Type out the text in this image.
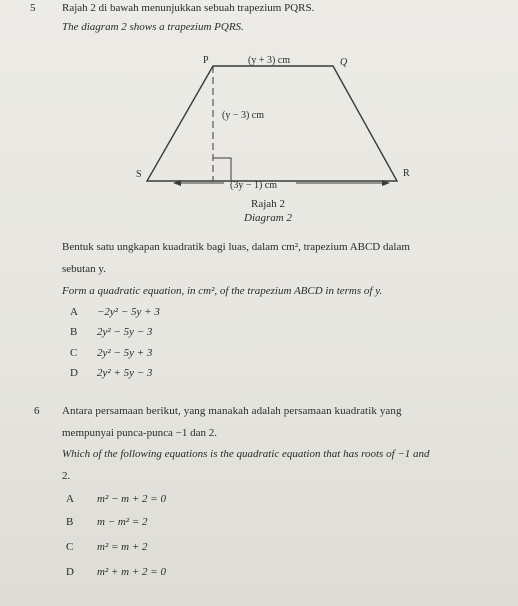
5 Rajah 2 di bawah menunjukkan sebuah trapezium PQRS.
The diagram 2 shows a trapezium PQRS.
P	Q
R
S
(y + 3) cm
(y − 3) cm
(3y − 1) cm
Rajah 2
Diagram 2
Bentuk satu ungkapan kuadratik bagi luas, dalam cm², trapezium ABCD dalam
sebutan y.
Form a quadratic equation, in cm², of the trapezium ABCD in terms of y.
A −2y² − 5y + 3
B 2y² − 5y − 3
C 2y² − 5y + 3
D 2y² + 5y − 3
6 Antara persamaan berikut, yang manakah adalah persamaan kuadratik yang
mempunyai punca-punca −1 dan 2.
Which of the following equations is the quadratic equation that has roots of −1 and
2.
A m² − m + 2 = 0
B m − m² = 2
C m² = m + 2
D m² + m + 2 = 0
